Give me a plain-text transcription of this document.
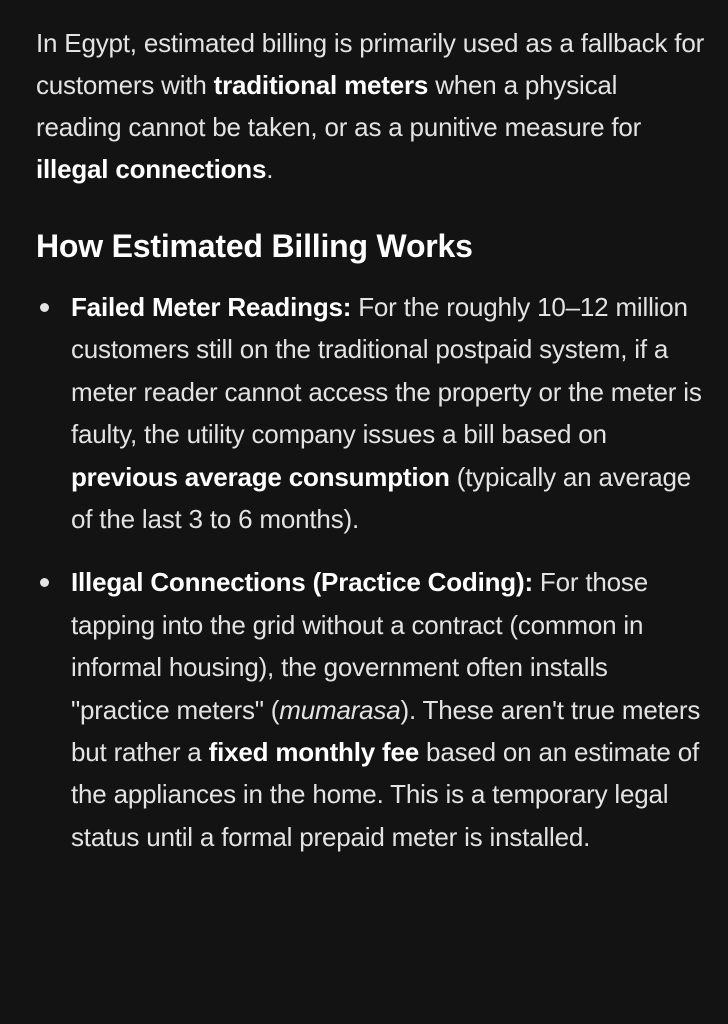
In Egypt, estimated billing is primarily used as a fallback for customers with traditional meters when a physical reading cannot be taken, or as a punitive measure for illegal connections.

How Estimated Billing Works
Failed Meter Readings: For the roughly 10–12 million customers still on the traditional postpaid system, if a meter reader cannot access the property or the meter is faulty, the utility company issues a bill based on previous average consumption (typically an average of the last 3 to 6 months).
Illegal Connections (Practice Coding): For those tapping into the grid without a contract (common in informal housing), the government often installs "practice meters" (mumarasa). These aren't true meters but rather a fixed monthly fee based on an estimate of the appliances in the home. This is a temporary legal status until a formal prepaid meter is installed.
